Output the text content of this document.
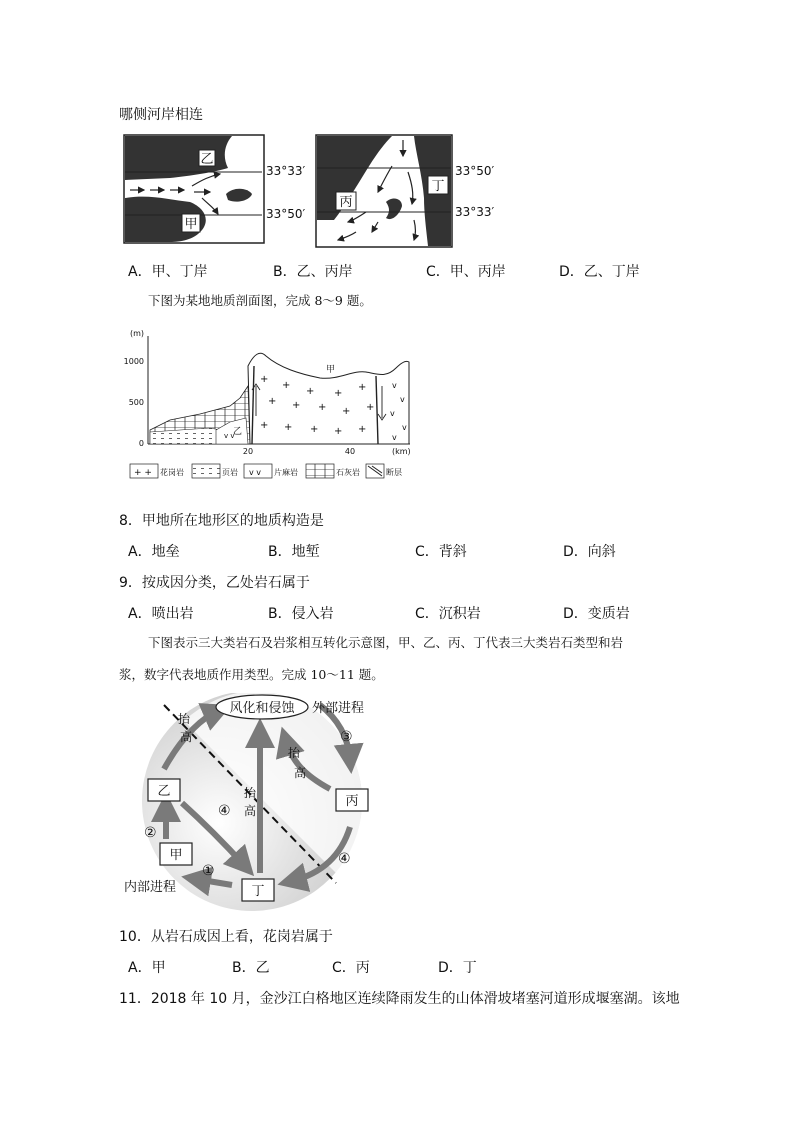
哪侧河岸相连
乙
甲
33°33′
33°50′
丙
丁
33°50′
33°33′
A．甲、丁岸	B．乙、丙岸	C．甲、丙岸	D．乙、丁岸
下图为某地地质剖面图，完成 8～9 题。
(m)
1000
500
0
20	40	(km)
v v
乙
+
+
+ +
+
+ + + + +
+ + + + +
v
v
v
v
v
甲
+ + 花岗岩	页岩 v v 片麻岩	石灰岩	断层
8．甲地所在地形区的地质构造是
A．地垒	B．地堑	C．背斜	D．向斜
9．按成因分类，乙处岩石属于
A．喷出岩	B．侵入岩	C．沉积岩	D．变质岩
下图表示三大类岩石及岩浆相互转化示意图，甲、乙、丙、丁代表三大类岩石类型和岩
浆，数字代表地质作用类型。完成 10～11 题。
风化和侵蚀 外部进程
抬
高
抬
高
抬
高
③
④
④
②
①
乙
甲
丙
丁
内部进程
10．从岩石成因上看，花岗岩属于
A．甲	B．乙	C．丙	D．丁
11．2018 年 10 月，金沙江白格地区连续降雨发生的山体滑坡堵塞河道形成堰塞湖。该地
